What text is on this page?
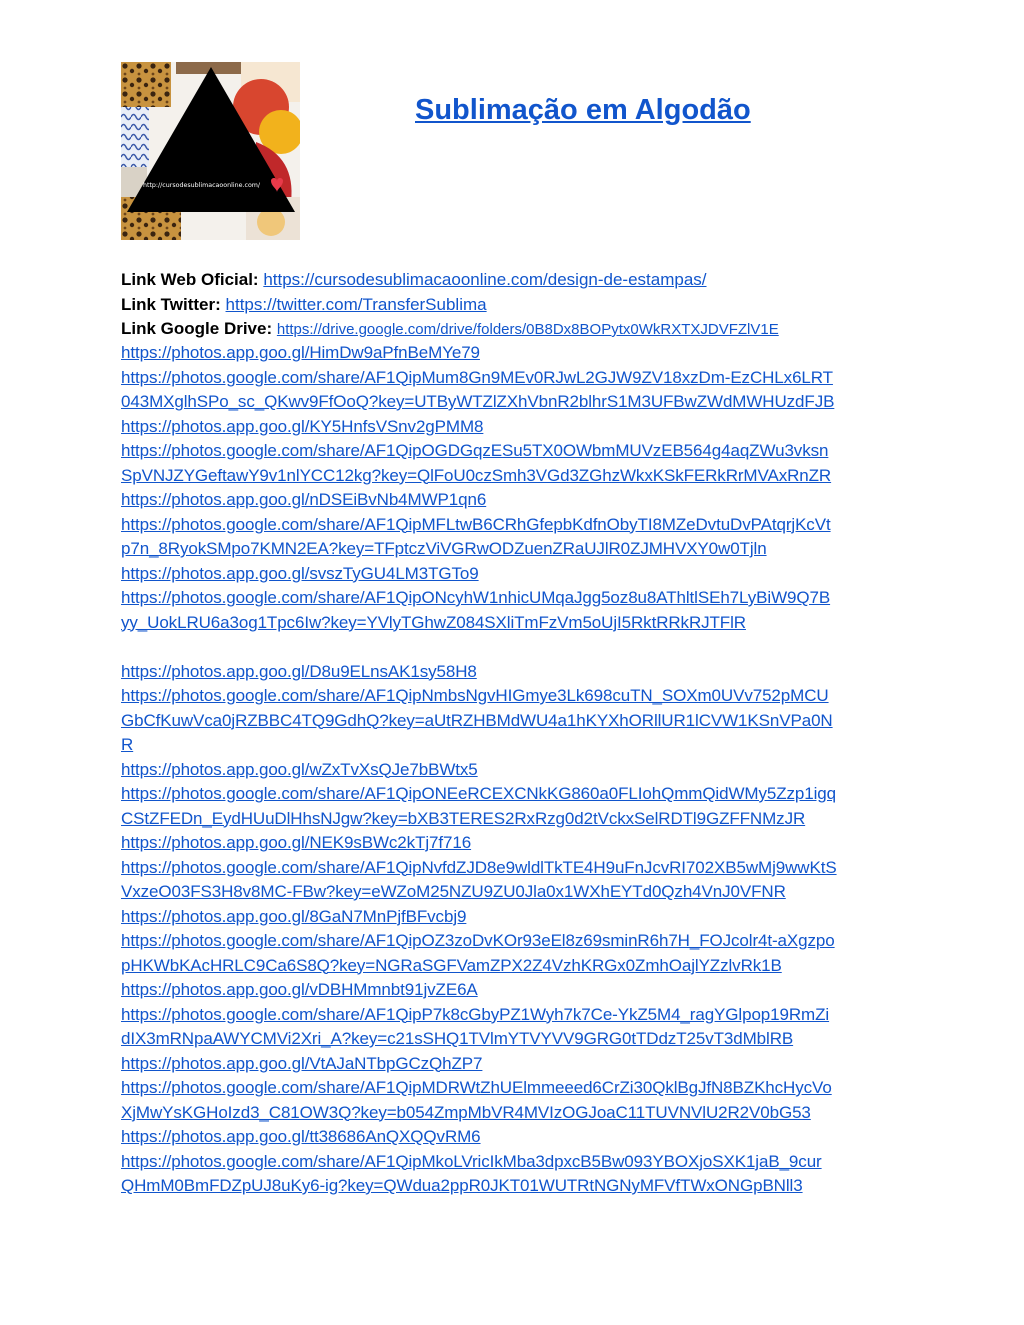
http://cursodesublimacaoonline.com/
Sublimação em Algodão
Link Web Oficial: https://cursodesublimacaoonline.com/design-de-estampas/
Link Twitter: https://twitter.com/TransferSublima
Link Google Drive: https://drive.google.com/drive/folders/0B8Dx8BOPytx0WkRXTXJDVFZlV1E
https://photos.app.goo.gl/HimDw9aPfnBeMYe79
https://photos.google.com/share/AF1QipMum8Gn9MEv0RJwL2GJW9ZV18xzDm-EzCHLx6LRT
043MXglhSPo_sc_QKwv9FfOoQ?key=UTByWTZlZXhVbnR2blhrS1M3UFBwZWdMWHUzdFJB
https://photos.app.goo.gl/KY5HnfsVSnv2gPMM8
https://photos.google.com/share/AF1QipOGDGqzESu5TX0OWbmMUVzEB564g4aqZWu3vksn
SpVNJZYGeftawY9v1nlYCC12kg?key=QlFoU0czSmh3VGd3ZGhzWkxKSkFERkRrMVAxRnZR
https://photos.app.goo.gl/nDSEiBvNb4MWP1qn6
https://photos.google.com/share/AF1QipMFLtwB6CRhGfepbKdfnObyTI8MZeDvtuDvPAtqrjKcVt
p7n_8RyokSMpo7KMN2EA?key=TFptczViVGRwODZuenZRaUJlR0ZJMHVXY0w0Tjln
https://photos.app.goo.gl/svszTyGU4LM3TGTo9
https://photos.google.com/share/AF1QipONcyhW1nhicUMqaJgg5oz8u8AThltlSEh7LyBiW9Q7B
yy_UokLRU6a3og1Tpc6Iw?key=YVlyTGhwZ084SXliTmFzVm5oUjI5RktRRkRJTFlR
https://photos.app.goo.gl/D8u9ELnsAK1sy58H8
https://photos.google.com/share/AF1QipNmbsNgvHIGmye3Lk698cuTN_SOXm0UVv752pMCU
GbCfKuwVca0jRZBBC4TQ9GdhQ?key=aUtRZHBMdWU4a1hKYXhORllUR1lCVW1KSnVPa0N
R
https://photos.app.goo.gl/wZxTvXsQJe7bBWtx5
https://photos.google.com/share/AF1QipONEeRCEXCNkKG860a0FLIohQmmQidWMy5Zzp1igq
CStZFEDn_EydHUuDlHhsNJgw?key=bXB3TERES2RxRzg0d2tVckxSelRDTl9GZFFNMzJR
https://photos.app.goo.gl/NEK9sBWc2kTj7f716
https://photos.google.com/share/AF1QipNvfdZJD8e9wldlTkTE4H9uFnJcvRI702XB5wMj9wwKtS
VxzeO03FS3H8v8MC-FBw?key=eWZoM25NZU9ZU0Jla0x1WXhEYTd0Qzh4VnJ0VFNR
https://photos.app.goo.gl/8GaN7MnPjfBFvcbj9
https://photos.google.com/share/AF1QipOZ3zoDvKOr93eEl8z69sminR6h7H_FOJcolr4t-aXgzpo
pHKWbKAcHRLC9Ca6S8Q?key=NGRaSGFVamZPX2Z4VzhKRGx0ZmhOajlYZzlvRk1B
https://photos.app.goo.gl/vDBHMmnbt91jvZE6A
https://photos.google.com/share/AF1QipP7k8cGbyPZ1Wyh7k7Ce-YkZ5M4_ragYGlpop19RmZi
dIX3mRNpaAWYCMVi2Xri_A?key=c21sSHQ1TVlmYTVYVV9GRG0tTDdzT25vT3dMblRB
https://photos.app.goo.gl/VtAJaNTbpGCzQhZP7
https://photos.google.com/share/AF1QipMDRWtZhUElmmeeed6CrZi30QklBgJfN8BZKhcHycVo
XjMwYsKGHoIzd3_C81OW3Q?key=b054ZmpMbVR4MVIzOGJoaC11TUVNVlU2R2V0bG53
https://photos.app.goo.gl/tt38686AnQXQQvRM6
https://photos.google.com/share/AF1QipMkoLVricIkMba3dpxcB5Bw093YBOXjoSXK1jaB_9cur
QHmM0BmFDZpUJ8uKy6-ig?key=QWdua2ppR0JKT01WUTRtNGNyMFVfTWxONGpBNll3
